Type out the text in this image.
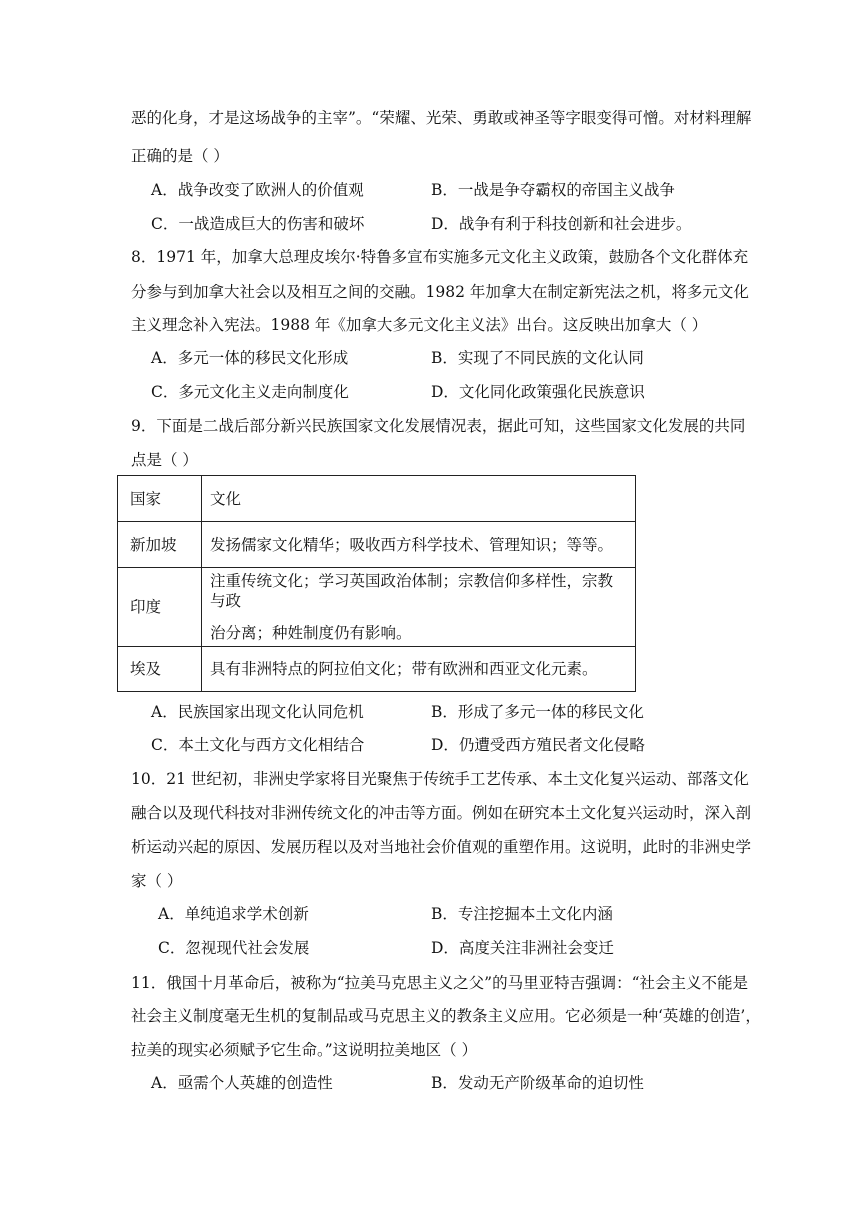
恶的化身，才是这场战争的主宰”。“荣耀、光荣、勇敢或神圣等字眼变得可憎。对材料理解
正确的是（ ）
A．战争改变了欧洲人的价值观	B．一战是争夺霸权的帝国主义战争
C．一战造成巨大的伤害和破坏	D．战争有利于科技创新和社会进步。
8．1971 年，加拿大总理皮埃尔·特鲁多宣布实施多元文化主义政策，鼓励各个文化群体充
分参与到加拿大社会以及相互之间的交融。1982 年加拿大在制定新宪法之机，将多元文化
主义理念补入宪法。1988 年《加拿大多元文化主义法》出台。这反映出加拿大（ ）
A．多元一体的移民文化形成	B．实现了不同民族的文化认同
C．多元文化主义走向制度化	D．文化同化政策强化民族意识
9．下面是二战后部分新兴民族国家文化发展情况表，据此可知，这些国家文化发展的共同
点是（ ）
国家	文化
新加坡	发扬儒家文化精华；吸收西方科学技术、管理知识；等等。

印度	注重传统文化；学习英国政治体制；宗教信仰多样性，宗教与政
治分离；种姓制度仍有影响。

埃及	具有非洲特点的阿拉伯文化；带有欧洲和西亚文化元素。
A．民族国家出现文化认同危机	B．形成了多元一体的移民文化
C．本土文化与西方文化相结合	D．仍遭受西方殖民者文化侵略
10．21 世纪初，非洲史学家将目光聚焦于传统手工艺传承、本土文化复兴运动、部落文化
融合以及现代科技对非洲传统文化的冲击等方面。例如在研究本土文化复兴运动时，深入剖
析运动兴起的原因、发展历程以及对当地社会价值观的重塑作用。这说明，此时的非洲史学
家（ ）
A．单纯追求学术创新	B．专注挖掘本土文化内涵
C．忽视现代社会发展	D．高度关注非洲社会变迁
11．俄国十月革命后，被称为“拉美马克思主义之父”的马里亚特吉强调：“社会主义不能是
社会主义制度毫无生机的复制品或马克思主义的教条主义应用。它必须是一种‘英雄的创造’，
拉美的现实必须赋予它生命。”这说明拉美地区（ ）
A．亟需个人英雄的创造性	B．发动无产阶级革命的迫切性
